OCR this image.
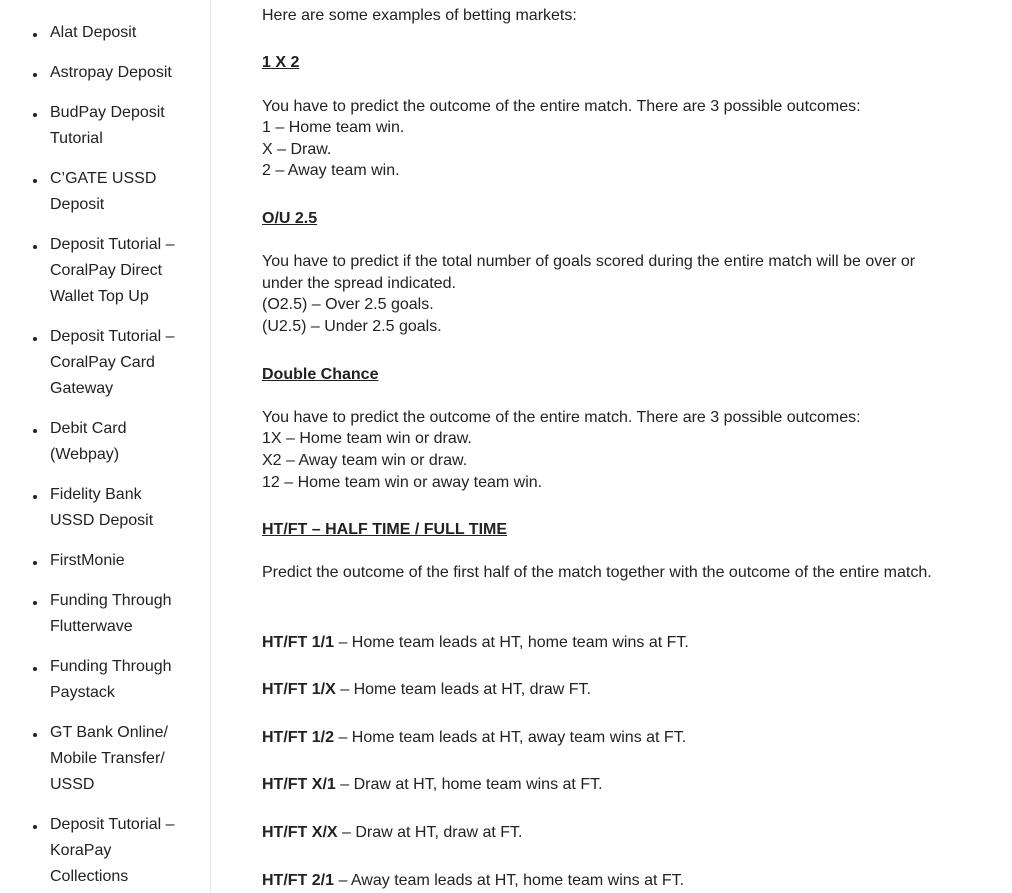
Alat Deposit
Astropay Deposit
BudPay Deposit
Tutorial
C’GATE USSD
Deposit
Deposit Tutorial –
CoralPay Direct
Wallet Top Up
Deposit Tutorial –
CoralPay Card
Gateway
Debit Card
(Webpay)
Fidelity Bank
USSD Deposit
FirstMonie
Funding Through
Flutterwave
Funding Through
Paystack
GT Bank Online/
Mobile Transfer/
USSD
Deposit Tutorial –
KoraPay
Collections
Here are some examples of betting markets:
1 X 2
You have to predict the outcome of the entire match. There are 3 possible outcomes:
1 – Home team win.
X – Draw.
2 – Away team win.
O/U 2.5
You have to predict if the total number of goals scored during the entire match will be over or under the spread indicated.
(O2.5) – Over 2.5 goals.
(U2.5) – Under 2.5 goals.
Double Chance
You have to predict the outcome of the entire match. There are 3 possible outcomes:
1X – Home team win or draw.
X2 – Away team win or draw.
12 – Home team win or away team win.
HT/FT – HALF TIME / FULL TIME
Predict the outcome of the first half of the match together with the outcome of the entire match.
HT/FT 1/1 – Home team leads at HT, home team wins at FT.
HT/FT 1/X – Home team leads at HT, draw FT.
HT/FT 1/2 – Home team leads at HT, away team wins at FT.
HT/FT X/1 – Draw at HT, home team wins at FT.
HT/FT X/X – Draw at HT, draw at FT.
HT/FT 2/1 – Away team leads at HT, home team wins at FT.
